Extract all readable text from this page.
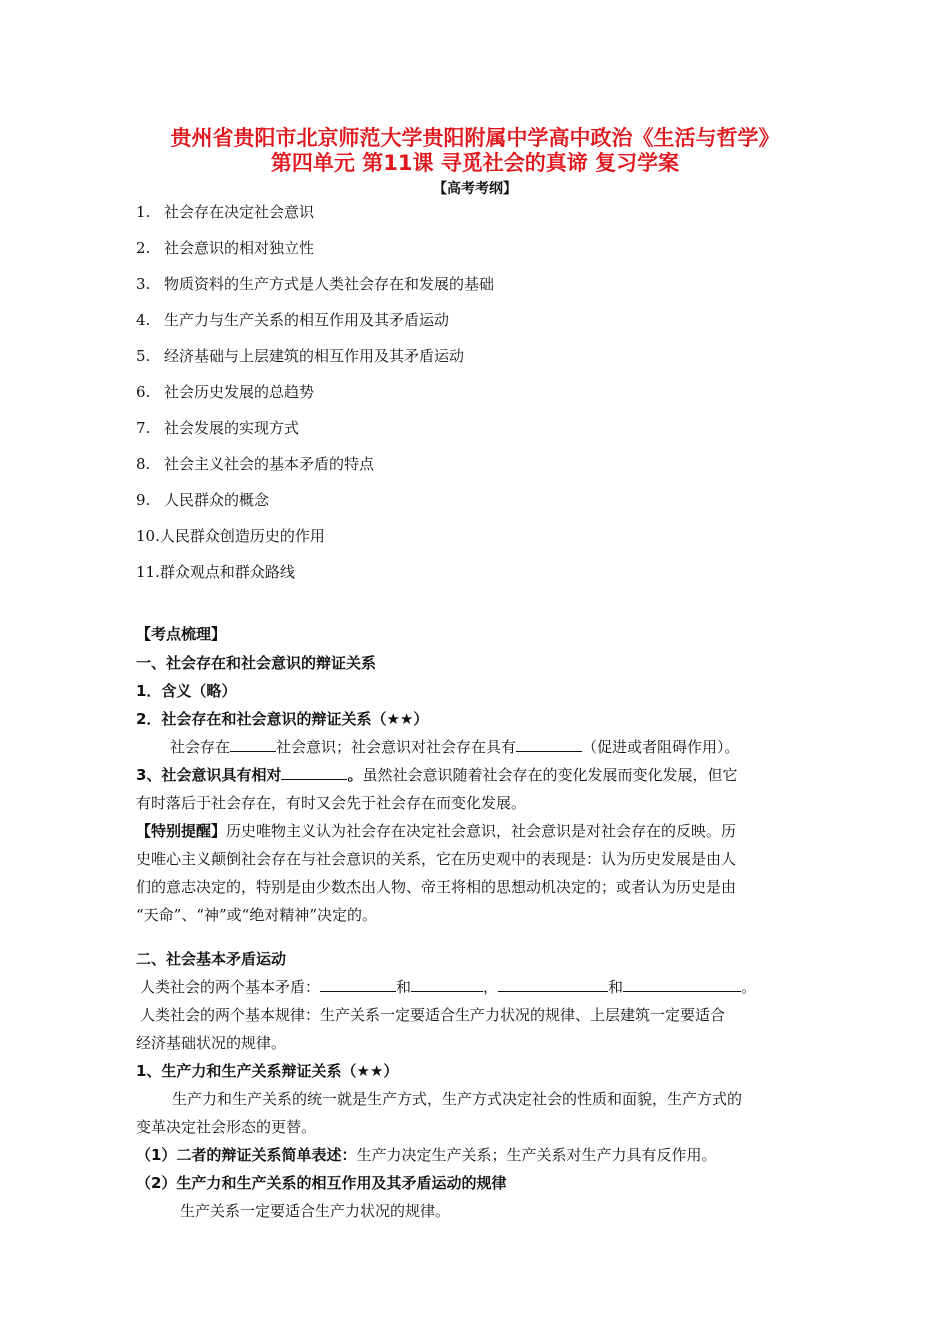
贵州省贵阳市北京师范大学贵阳附属中学高中政治《生活与哲学》
第四单元 第11课 寻觅社会的真谛 复习学案
【高考考纲】
1. 社会存在决定社会意识
2. 社会意识的相对独立性
3. 物质资料的生产方式是人类社会存在和发展的基础
4. 生产力与生产关系的相互作用及其矛盾运动
5. 经济基础与上层建筑的相互作用及其矛盾运动
6. 社会历史发展的总趋势
7. 社会发展的实现方式
8. 社会主义社会的基本矛盾的特点
9. 人民群众的概念
10.人民群众创造历史的作用
11.群众观点和群众路线
【考点梳理】
一、社会存在和社会意识的辩证关系
1．含义（略）
2．社会存在和社会意识的辩证关系（★★）
社会存在	社会意识；社会意识对社会存在具有	（促进或者阻碍作用）。
3、社会意识具有相对	。虽然社会意识随着社会存在的变化发展而变化发展，但它
有时落后于社会存在，有时又会先于社会存在而变化发展。
【特别提醒】历史唯物主义认为社会存在决定社会意识，社会意识是对社会存在的反映。历
史唯心主义颠倒社会存在与社会意识的关系，它在历史观中的表现是：认为历史发展是由人
们的意志决定的，特别是由少数杰出人物、帝王将相的思想动机决定的；或者认为历史是由
“天命”、“神”或“绝对精神”决定的。
二、社会基本矛盾运动
人类社会的两个基本矛盾：	和	，	和	。
人类社会的两个基本规律：生产关系一定要适合生产力状况的规律、上层建筑一定要适合
经济基础状况的规律。
1、生产力和生产关系辩证关系（★★）
生产力和生产关系的统一就是生产方式，生产方式决定社会的性质和面貌，生产方式的
变革决定社会形态的更替。
（1）二者的辩证关系简单表述：生产力决定生产关系；生产关系对生产力具有反作用。
（2）生产力和生产关系的相互作用及其矛盾运动的规律
生产关系一定要适合生产力状况的规律。
